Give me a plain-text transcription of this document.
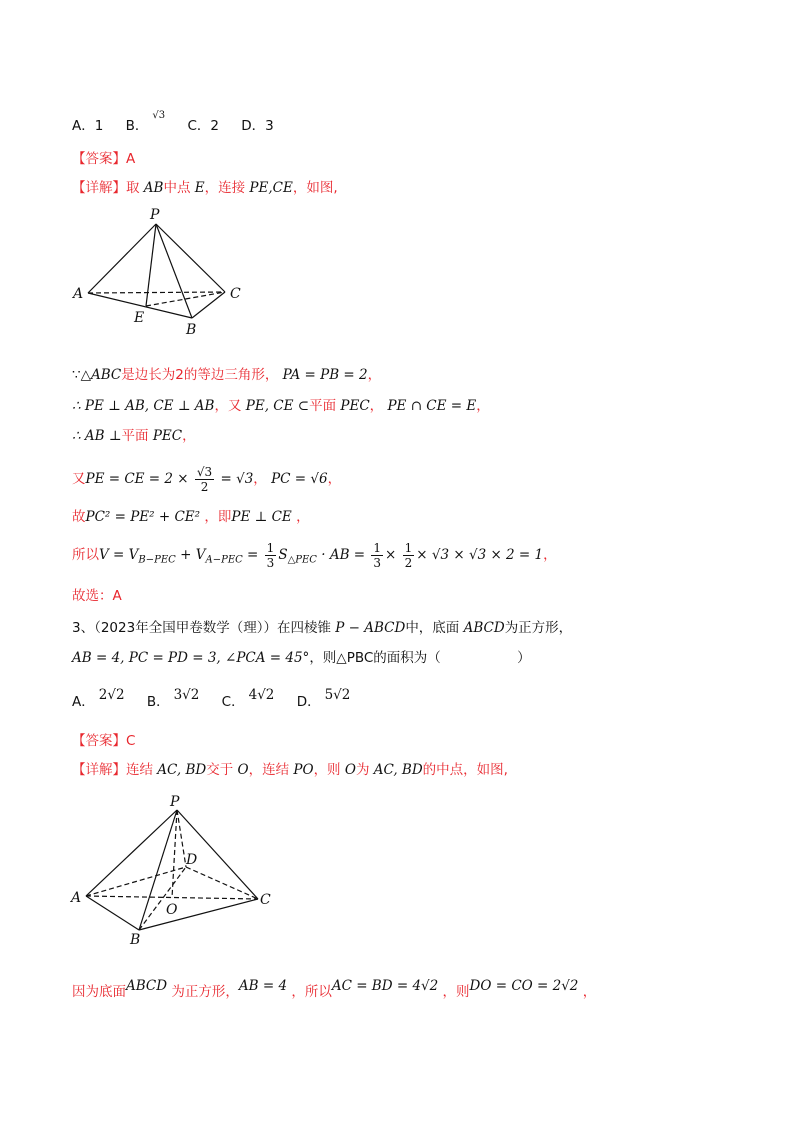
A．1 B．√3 C．2 D．3
【答案】A
【详解】取 AB中点 E，连接 PE,CE，如图,
P
A	C
E
B
∵△ABC是边长为2的等边三角形， PA = PB = 2，
∴ PE ⊥ AB, CE ⊥ AB，又 PE, CE ⊂平面 PEC， PE ∩ CE = E，
∴ AB ⊥平面 PEC，
又PE = CE = $2 \times \frac{√3}{2} = √3$， PC = √6，
故PC² = PE² + CE² ，即PE ⊥ CE ，
所以$V = V_{B-PEC} + V_{A-PEC} = \frac{1}{3} S_{\triangle PEC}$ · AB = $\frac{1}{3} \times \frac{1}{2} \times √3 \times √3 \times 2 = 1$，
故选：A
3、（2023年全国甲卷数学（理））在四棱锥 P − ABCD中，底面 ABCD为正方形，
AB = 4, PC = PD = 3, ∠PCA = 45°，则△PBC的面积为（	）
A． 2√2 B． 3√2 C． 4√2 D． 5√2
【答案】C
【详解】连结 AC, BD交于 O，连结 PO，则 O为 AC, BD的中点，如图,
P
D
A
O
C
B
因为底面ABCD 为正方形，AB = 4 ，所以AC = BD = 4√2 ，则DO = CO = 2√2 ，
